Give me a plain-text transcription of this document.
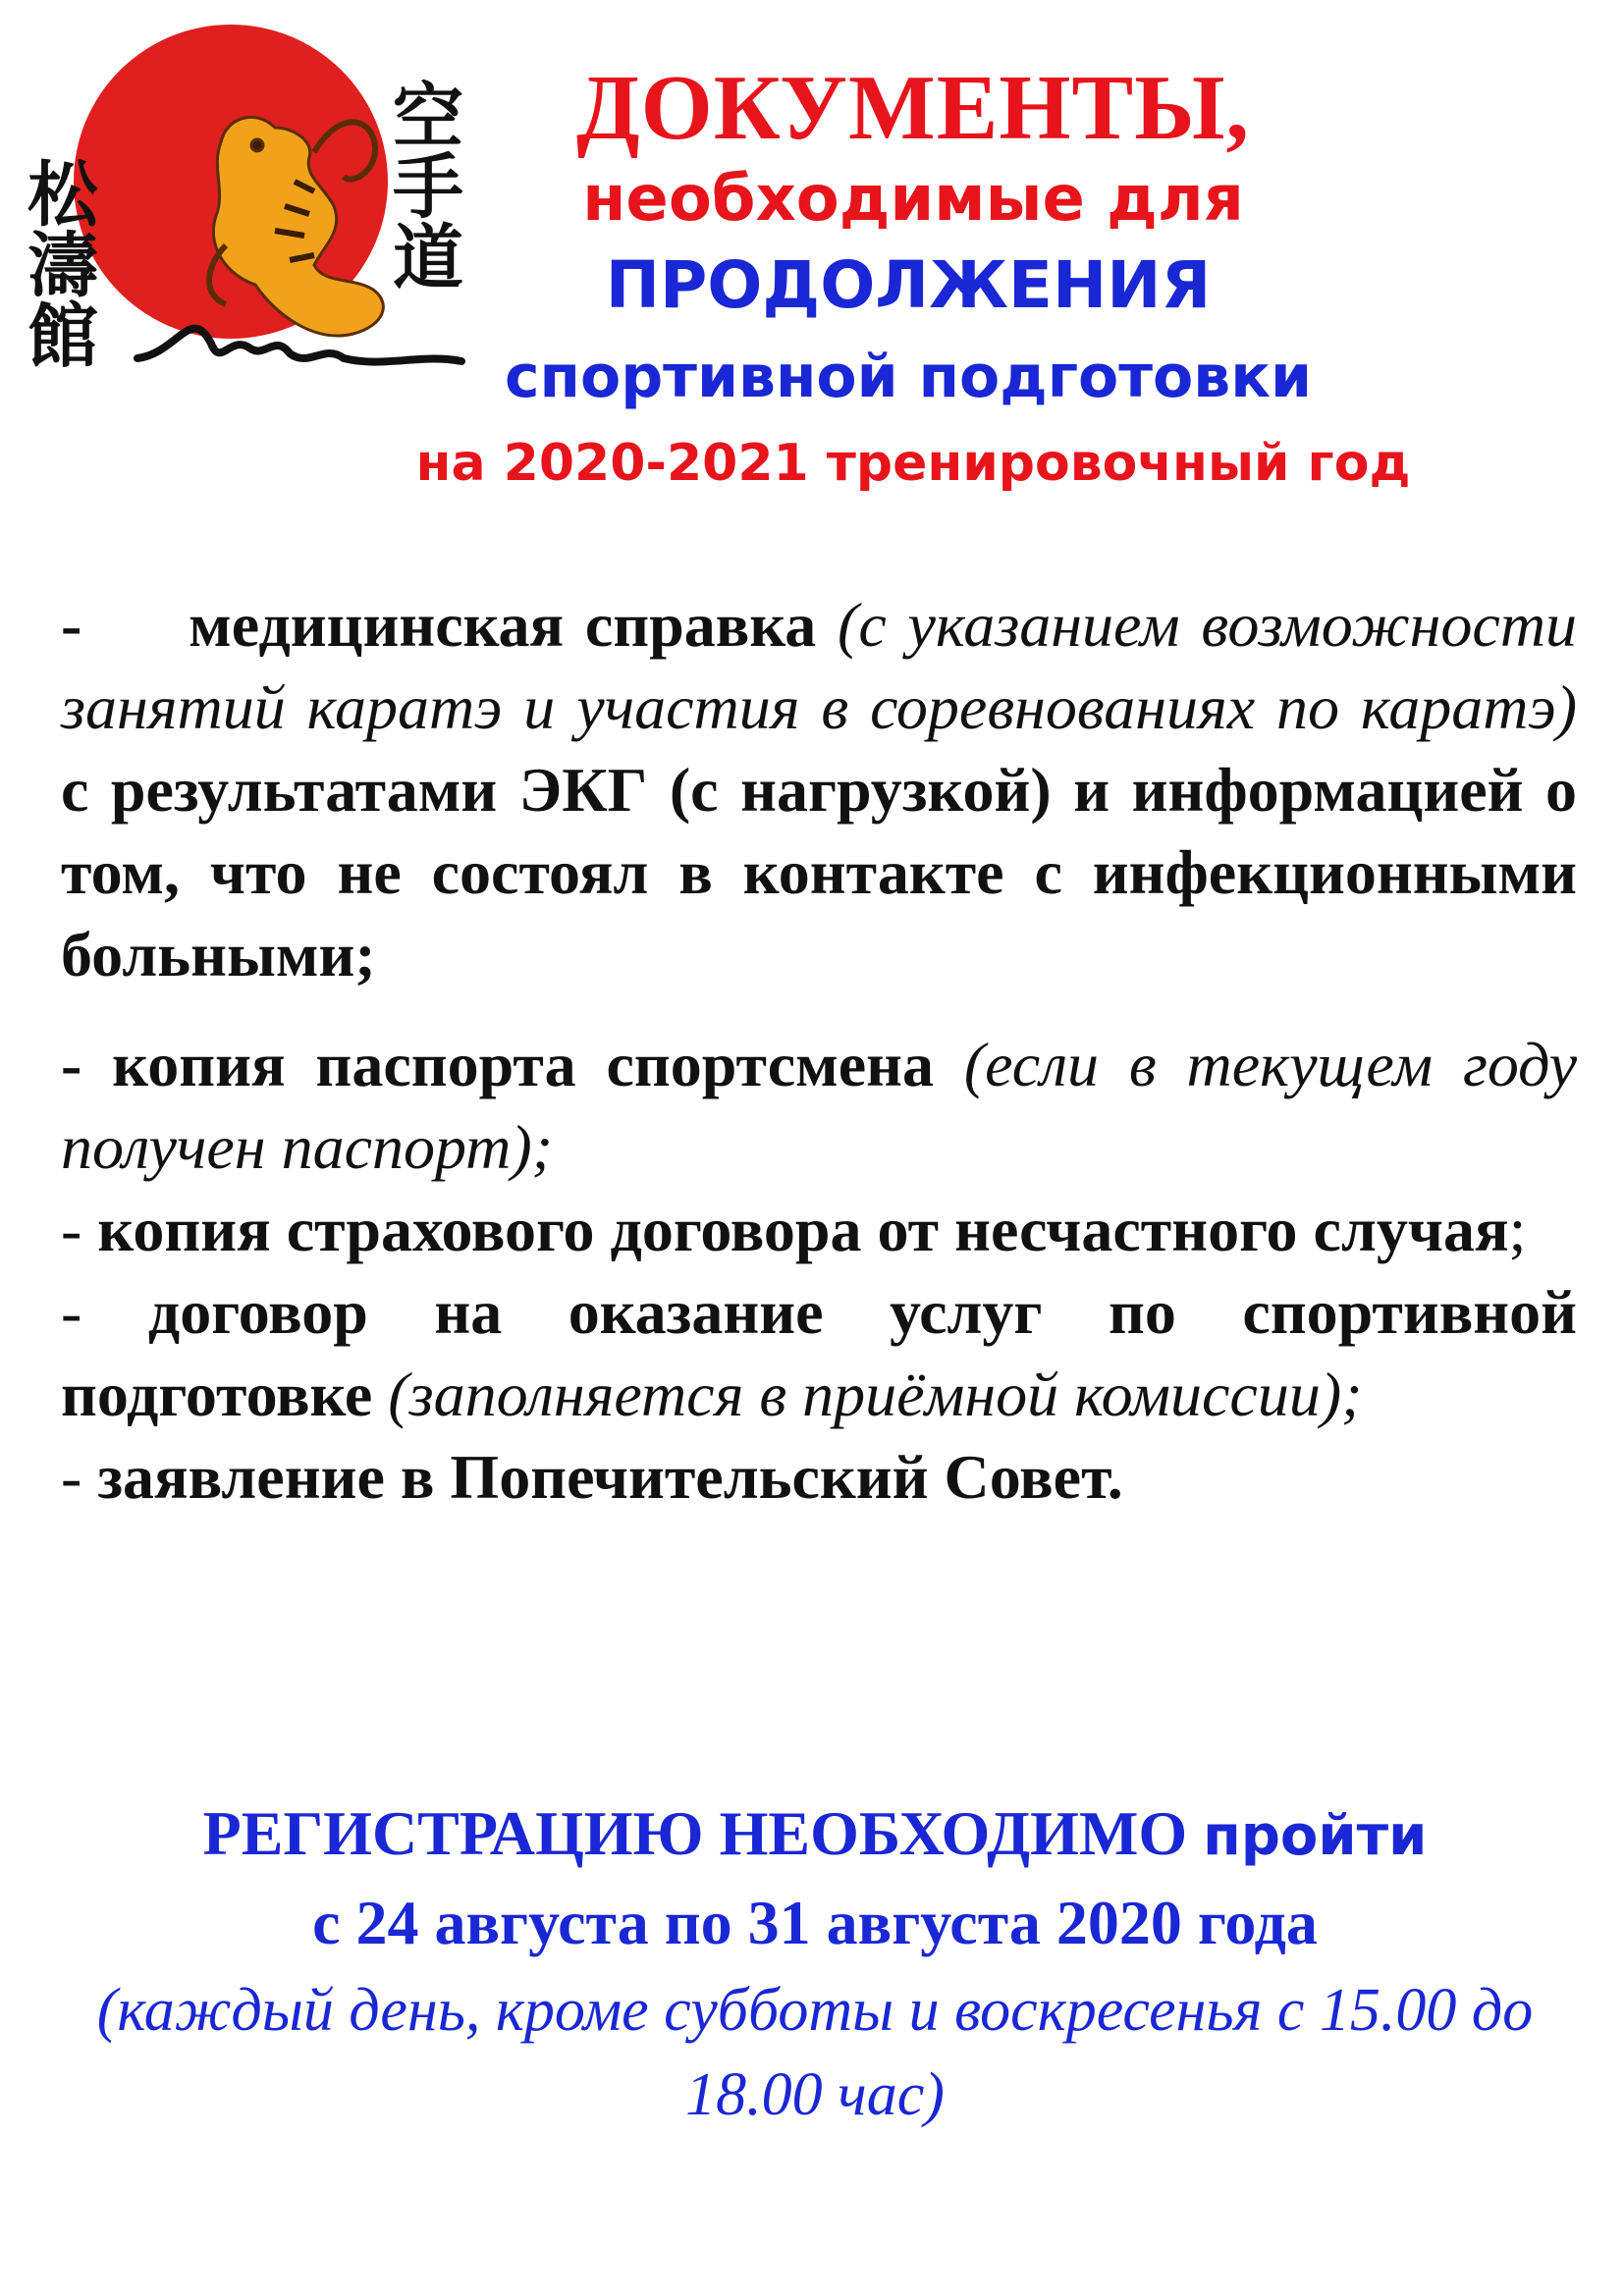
松濤館	空手道	ДОКУМЕНТЫ,
необходимые для
ПРОДОЛЖЕНИЯ
спортивной подготовки
на 2020-2021 тренировочный год
- медицинская справка (с указанием возможности занятий каратэ и участия в соревнованиях по каратэ) с результатами ЭКГ (с нагрузкой) и информацией о том, что не состоял в контакте с инфекционными больными;
- копия паспорта спортсмена (если в текущем году получен паспорт);
- копия страхового договора от несчастного случая;
- договор на оказание услуг по спортивной подготовке (заполняется в приёмной комиссии);
- заявление в Попечительский Совет.
РЕГИСТРАЦИЮ НЕОБХОДИМО пройти
с 24 августа по 31 августа 2020 года
(каждый день, кроме субботы и воскресенья с 15.00 до 18.00 час)
